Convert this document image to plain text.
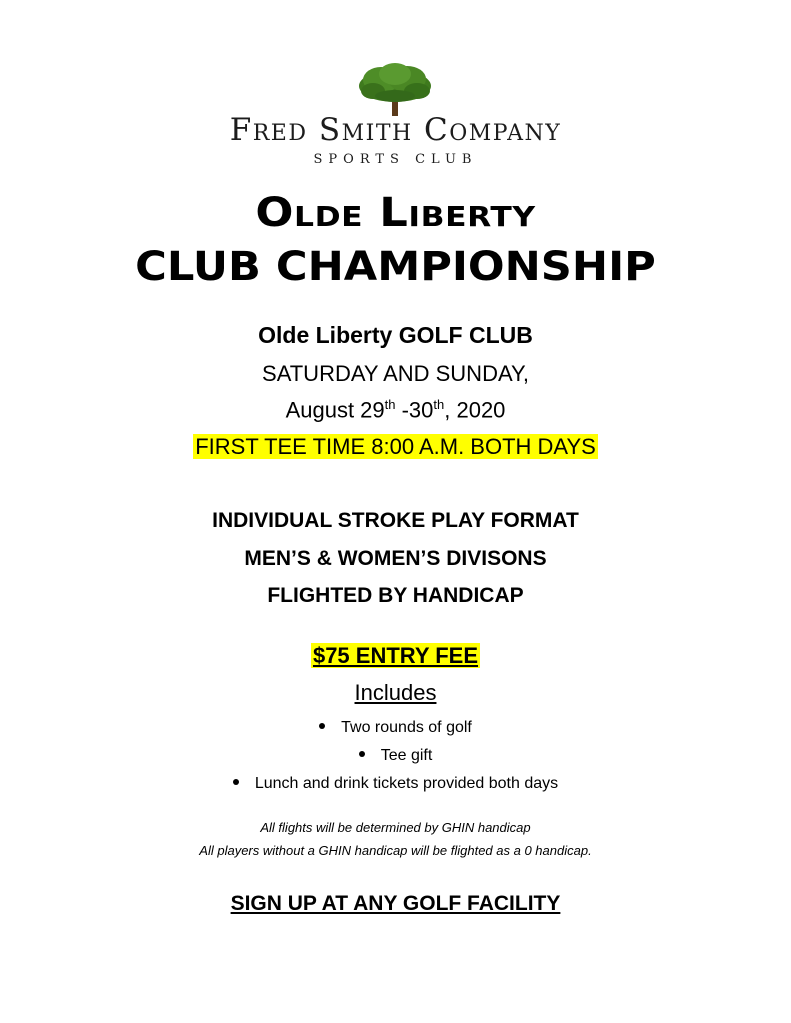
Fred Smith Company
SPORTS CLUB
Olde Liberty
CLUB CHAMPIONSHIP
Olde Liberty GOLF CLUB
SATURDAY AND SUNDAY,
August 29th -30th, 2020
FIRST TEE TIME 8:00 A.M. BOTH DAYS
INDIVIDUAL STROKE PLAY FORMAT
MEN’S & WOMEN’S DIVISONS
FLIGHTED BY HANDICAP
$75 ENTRY FEE
Includes
Two rounds of golf
Tee gift
Lunch and drink tickets provided both days
All flights will be determined by GHIN handicap
All players without a GHIN handicap will be flighted as a 0 handicap.
SIGN UP AT ANY GOLF FACILITY
